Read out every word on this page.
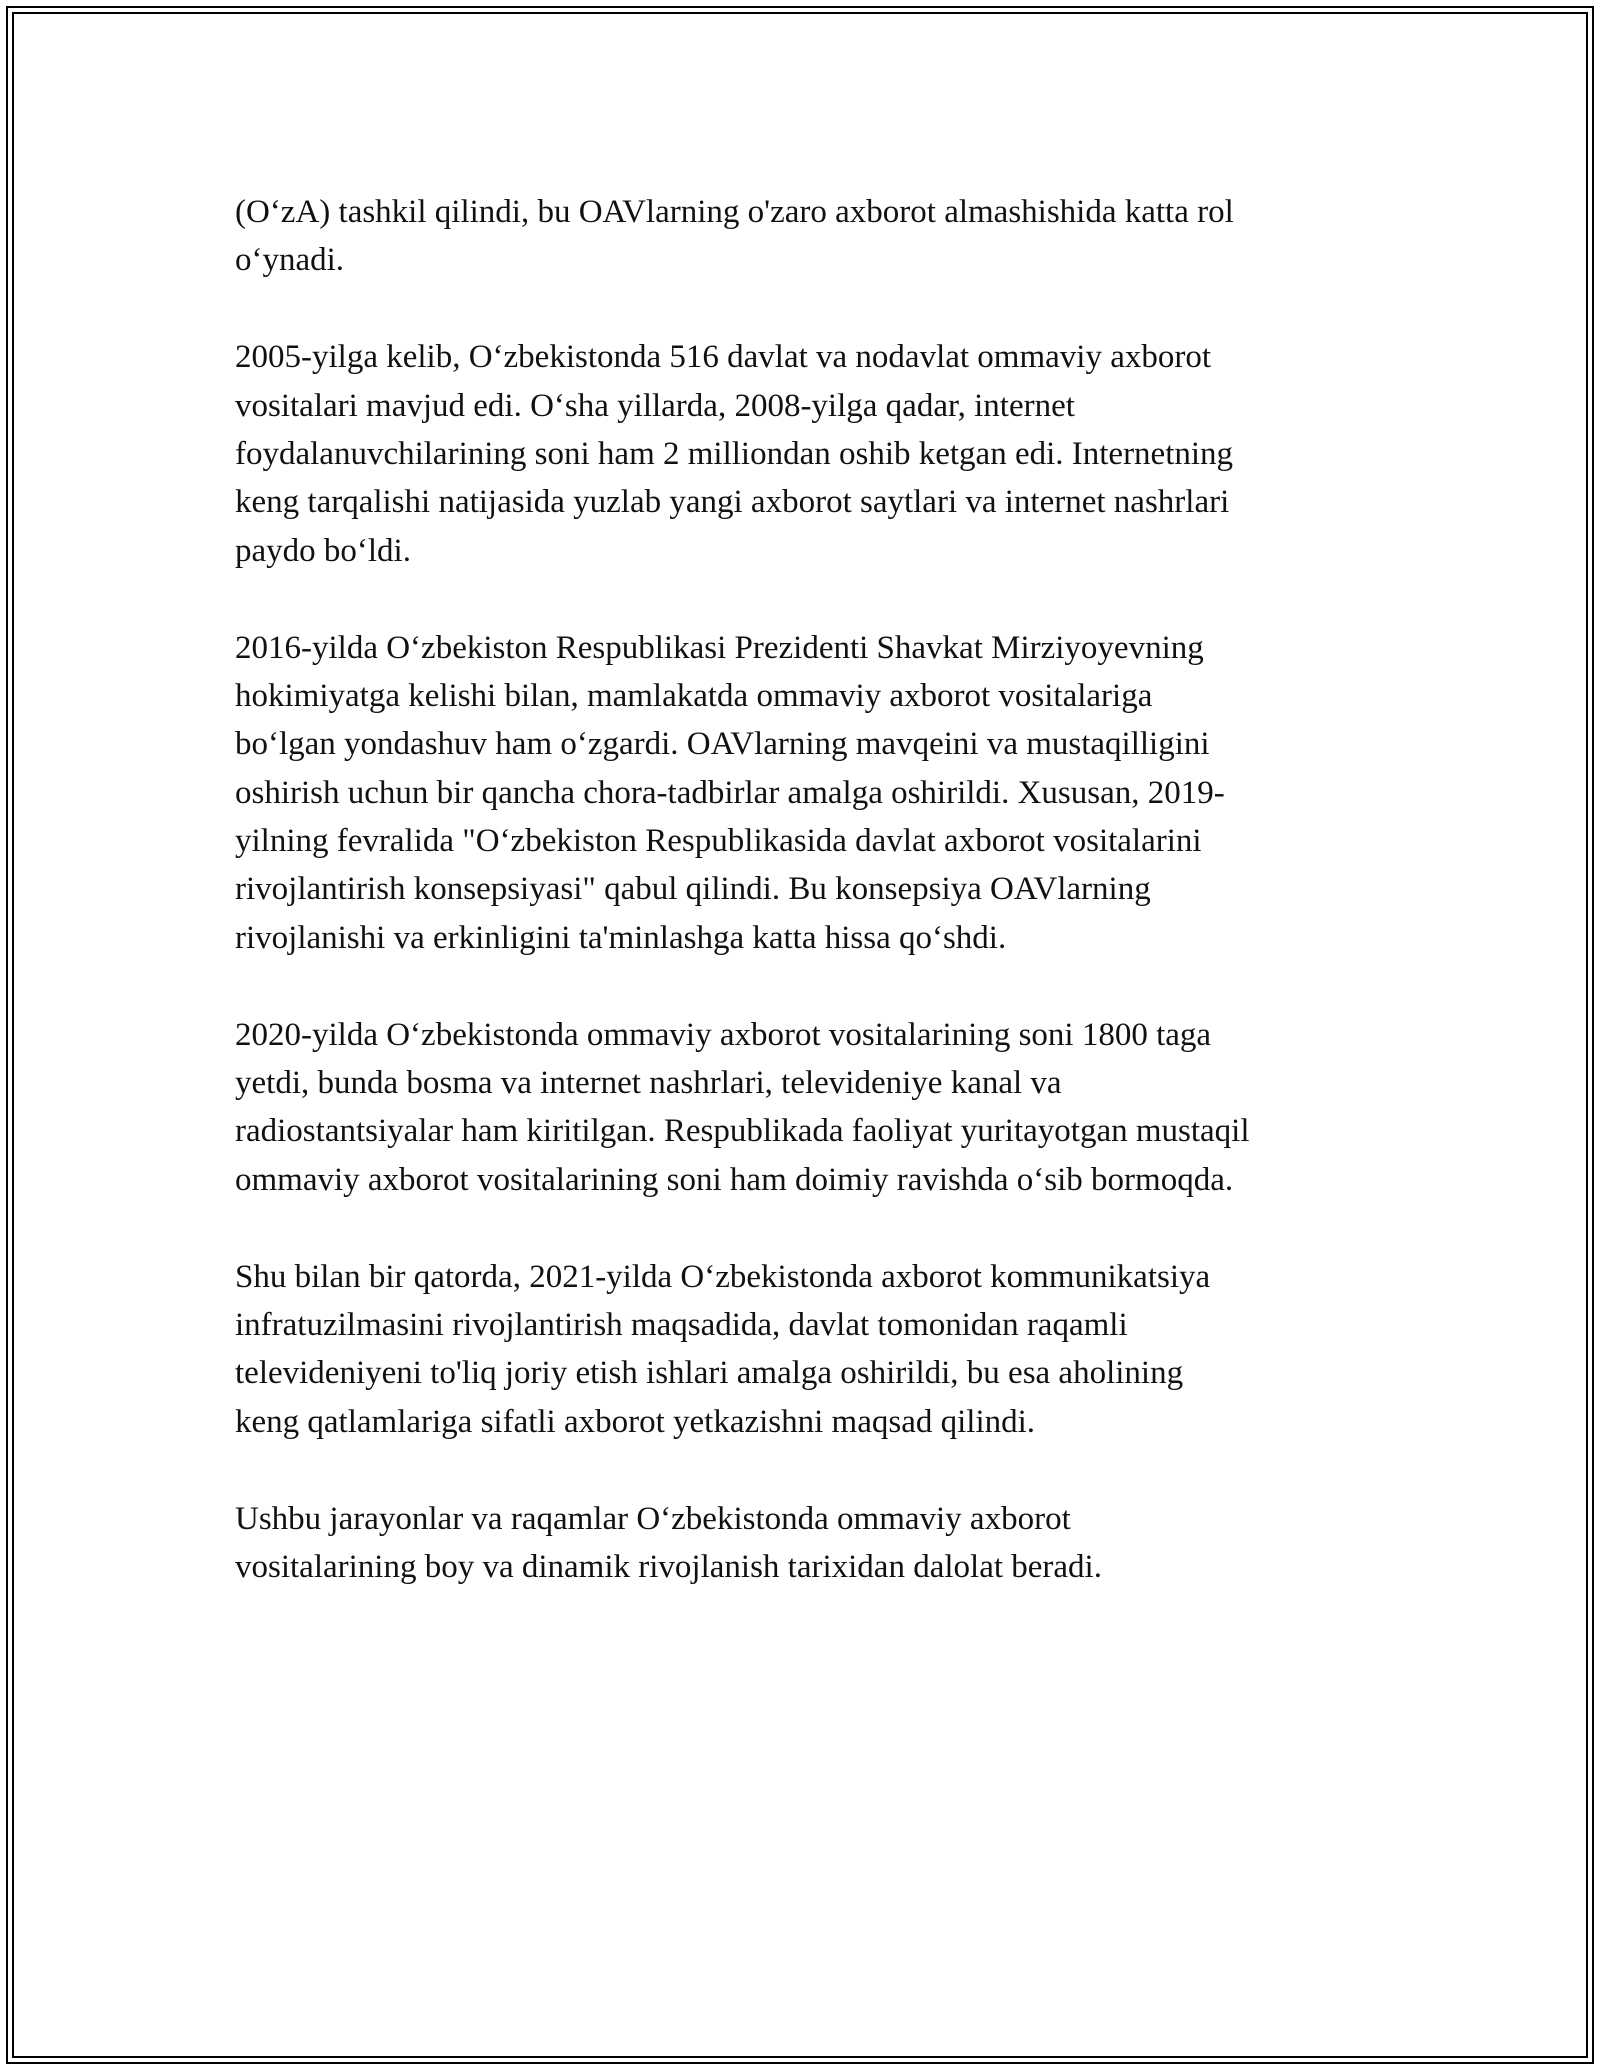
(O‘zA) tashkil qilindi, bu OAVlarning o'zaro axborot almashishida katta rol
o‘ynadi.

2005-yilga kelib, O‘zbekistonda 516 davlat va nodavlat ommaviy axborot
vositalari mavjud edi. O‘sha yillarda, 2008-yilga qadar, internet
foydalanuvchilarining soni ham 2 milliondan oshib ketgan edi. Internetning
keng tarqalishi natijasida yuzlab yangi axborot saytlari va internet nashrlari
paydo bo‘ldi.

2016-yilda O‘zbekiston Respublikasi Prezidenti Shavkat Mirziyoyevning
hokimiyatga kelishi bilan, mamlakatda ommaviy axborot vositalariga
bo‘lgan yondashuv ham o‘zgardi. OAVlarning mavqeini va mustaqilligini
oshirish uchun bir qancha chora-tadbirlar amalga oshirildi. Xususan, 2019-
yilning fevralida "O‘zbekiston Respublikasida davlat axborot vositalarini
rivojlantirish konsepsiyasi" qabul qilindi. Bu konsepsiya OAVlarning
rivojlanishi va erkinligini ta'minlashga katta hissa qo‘shdi.

2020-yilda O‘zbekistonda ommaviy axborot vositalarining soni 1800 taga
yetdi, bunda bosma va internet nashrlari, televideniye kanal va
radiostantsiyalar ham kiritilgan. Respublikada faoliyat yuritayotgan mustaqil
ommaviy axborot vositalarining soni ham doimiy ravishda o‘sib bormoqda.

Shu bilan bir qatorda, 2021-yilda O‘zbekistonda axborot kommunikatsiya
infratuzilmasini rivojlantirish maqsadida, davlat tomonidan raqamli
televideniyeni to'liq joriy etish ishlari amalga oshirildi, bu esa aholining
keng qatlamlariga sifatli axborot yetkazishni maqsad qilindi.

Ushbu jarayonlar va raqamlar O‘zbekistonda ommaviy axborot
vositalarining boy va dinamik rivojlanish tarixidan dalolat beradi.
